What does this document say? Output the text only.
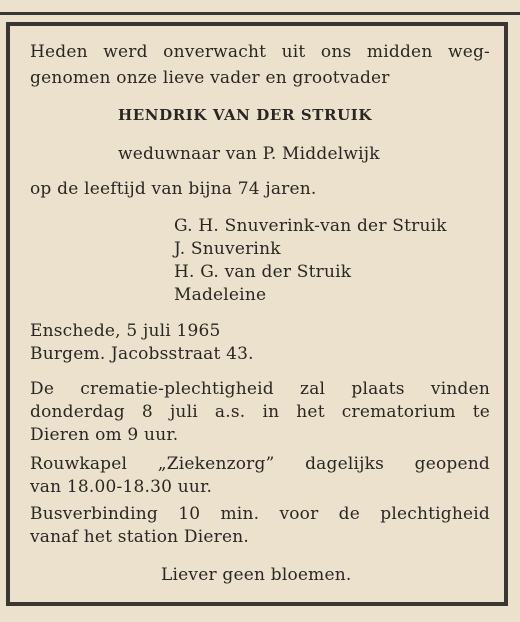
Heden werd onverwacht uit ons midden weg-
genomen onze lieve vader en grootvader
HENDRIK VAN DER STRUIK
weduwnaar van P. Middelwijk
op de leeftijd van bijna 74 jaren.
G. H. Snuverink-van der Struik
J. Snuverink
H. G. van der Struik
Madeleine
Enschede, 5 juli 1965
Burgem. Jacobsstraat 43.
De crematie-plechtigheid zal plaats vinden
donderdag 8 juli a.s. in het crematorium te
Dieren om 9 uur.
Rouwkapel „Ziekenzorg” dagelijks geopend
van 18.00-18.30 uur.
Busverbinding 10 min. voor de plechtigheid
vanaf het station Dieren.
Liever geen bloemen.
